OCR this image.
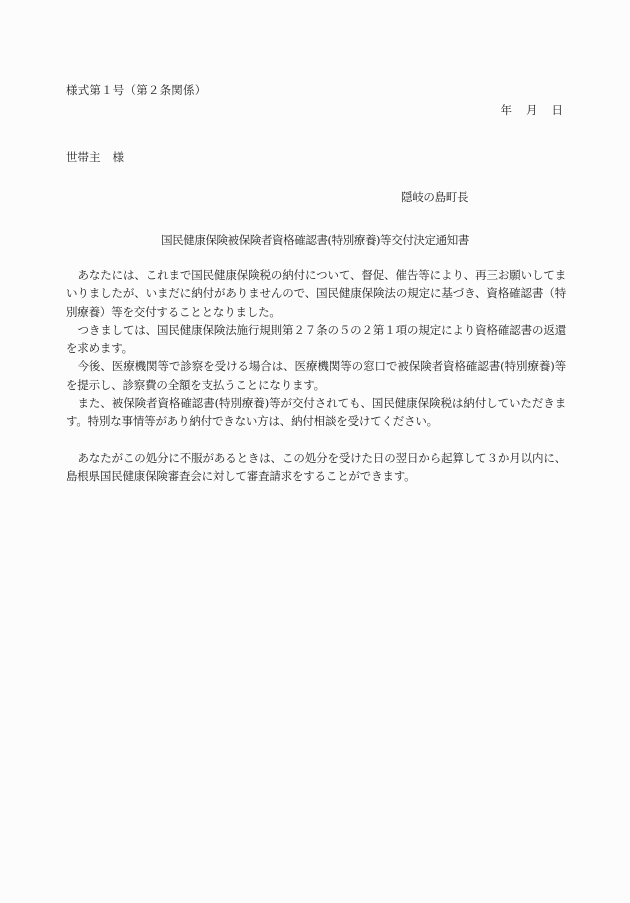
様式第１号（第２条関係）
年 月 日
世帯主 様
隠岐の島町長
国民健康保険被保険者資格確認書(特別療養)等交付決定通知書

あなたには、これまで国民健康保険税の納付について、督促、催告等により、再三お願いしてまいりましたが、いまだに納付がありませんので、国民健康保険法の規定に基づき、資格確認書（特別療養）等を交付することとなりました。

つきましては、国民健康保険法施行規則第２７条の５の２第１項の規定により資格確認書の返還を求めます。

今後、医療機関等で診察を受ける場合は、医療機関等の窓口で被保険者資格確認書(特別療養)等を提示し、診察費の全額を支払うことになります。

また、被保険者資格確認書(特別療養)等が交付されても、国民健康保険税は納付していただきます。特別な事情等があり納付できない方は、納付相談を受けてください。

あなたがこの処分に不服があるときは、この処分を受けた日の翌日から起算して３か月以内に、島根県国民健康保険審査会に対して審査請求をすることができます。
